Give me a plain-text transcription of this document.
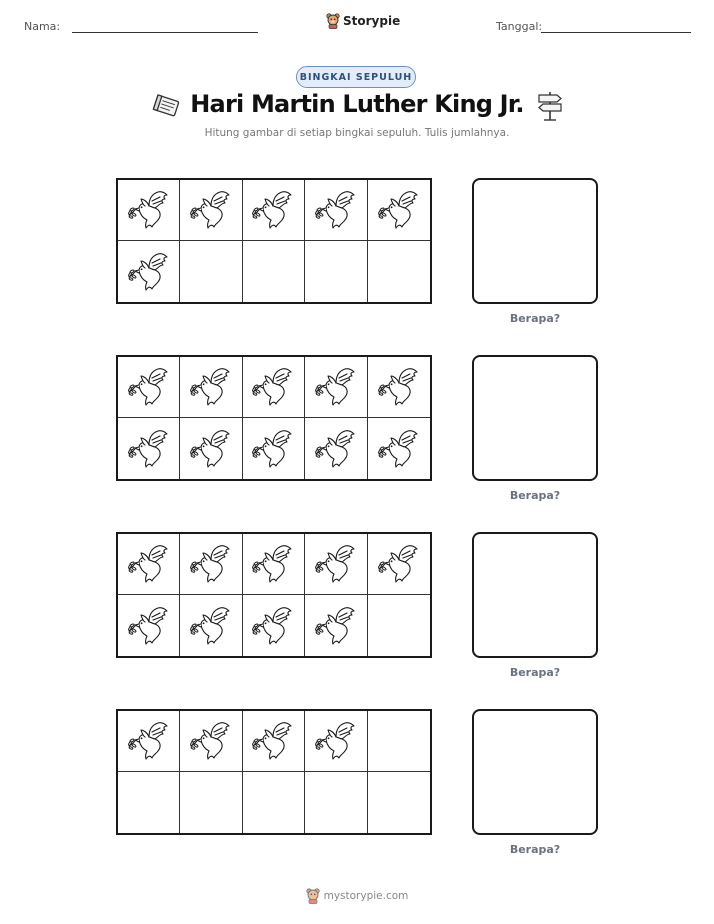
Nama:	Storypie	Tanggal:
BINGKAI SEPULUH
Hari Martin Luther King Jr.
Hitung gambar di setiap bingkai sepuluh. Tulis jumlahnya.
Berapa?
Berapa?
Berapa?
Berapa?
mystorypie.com
